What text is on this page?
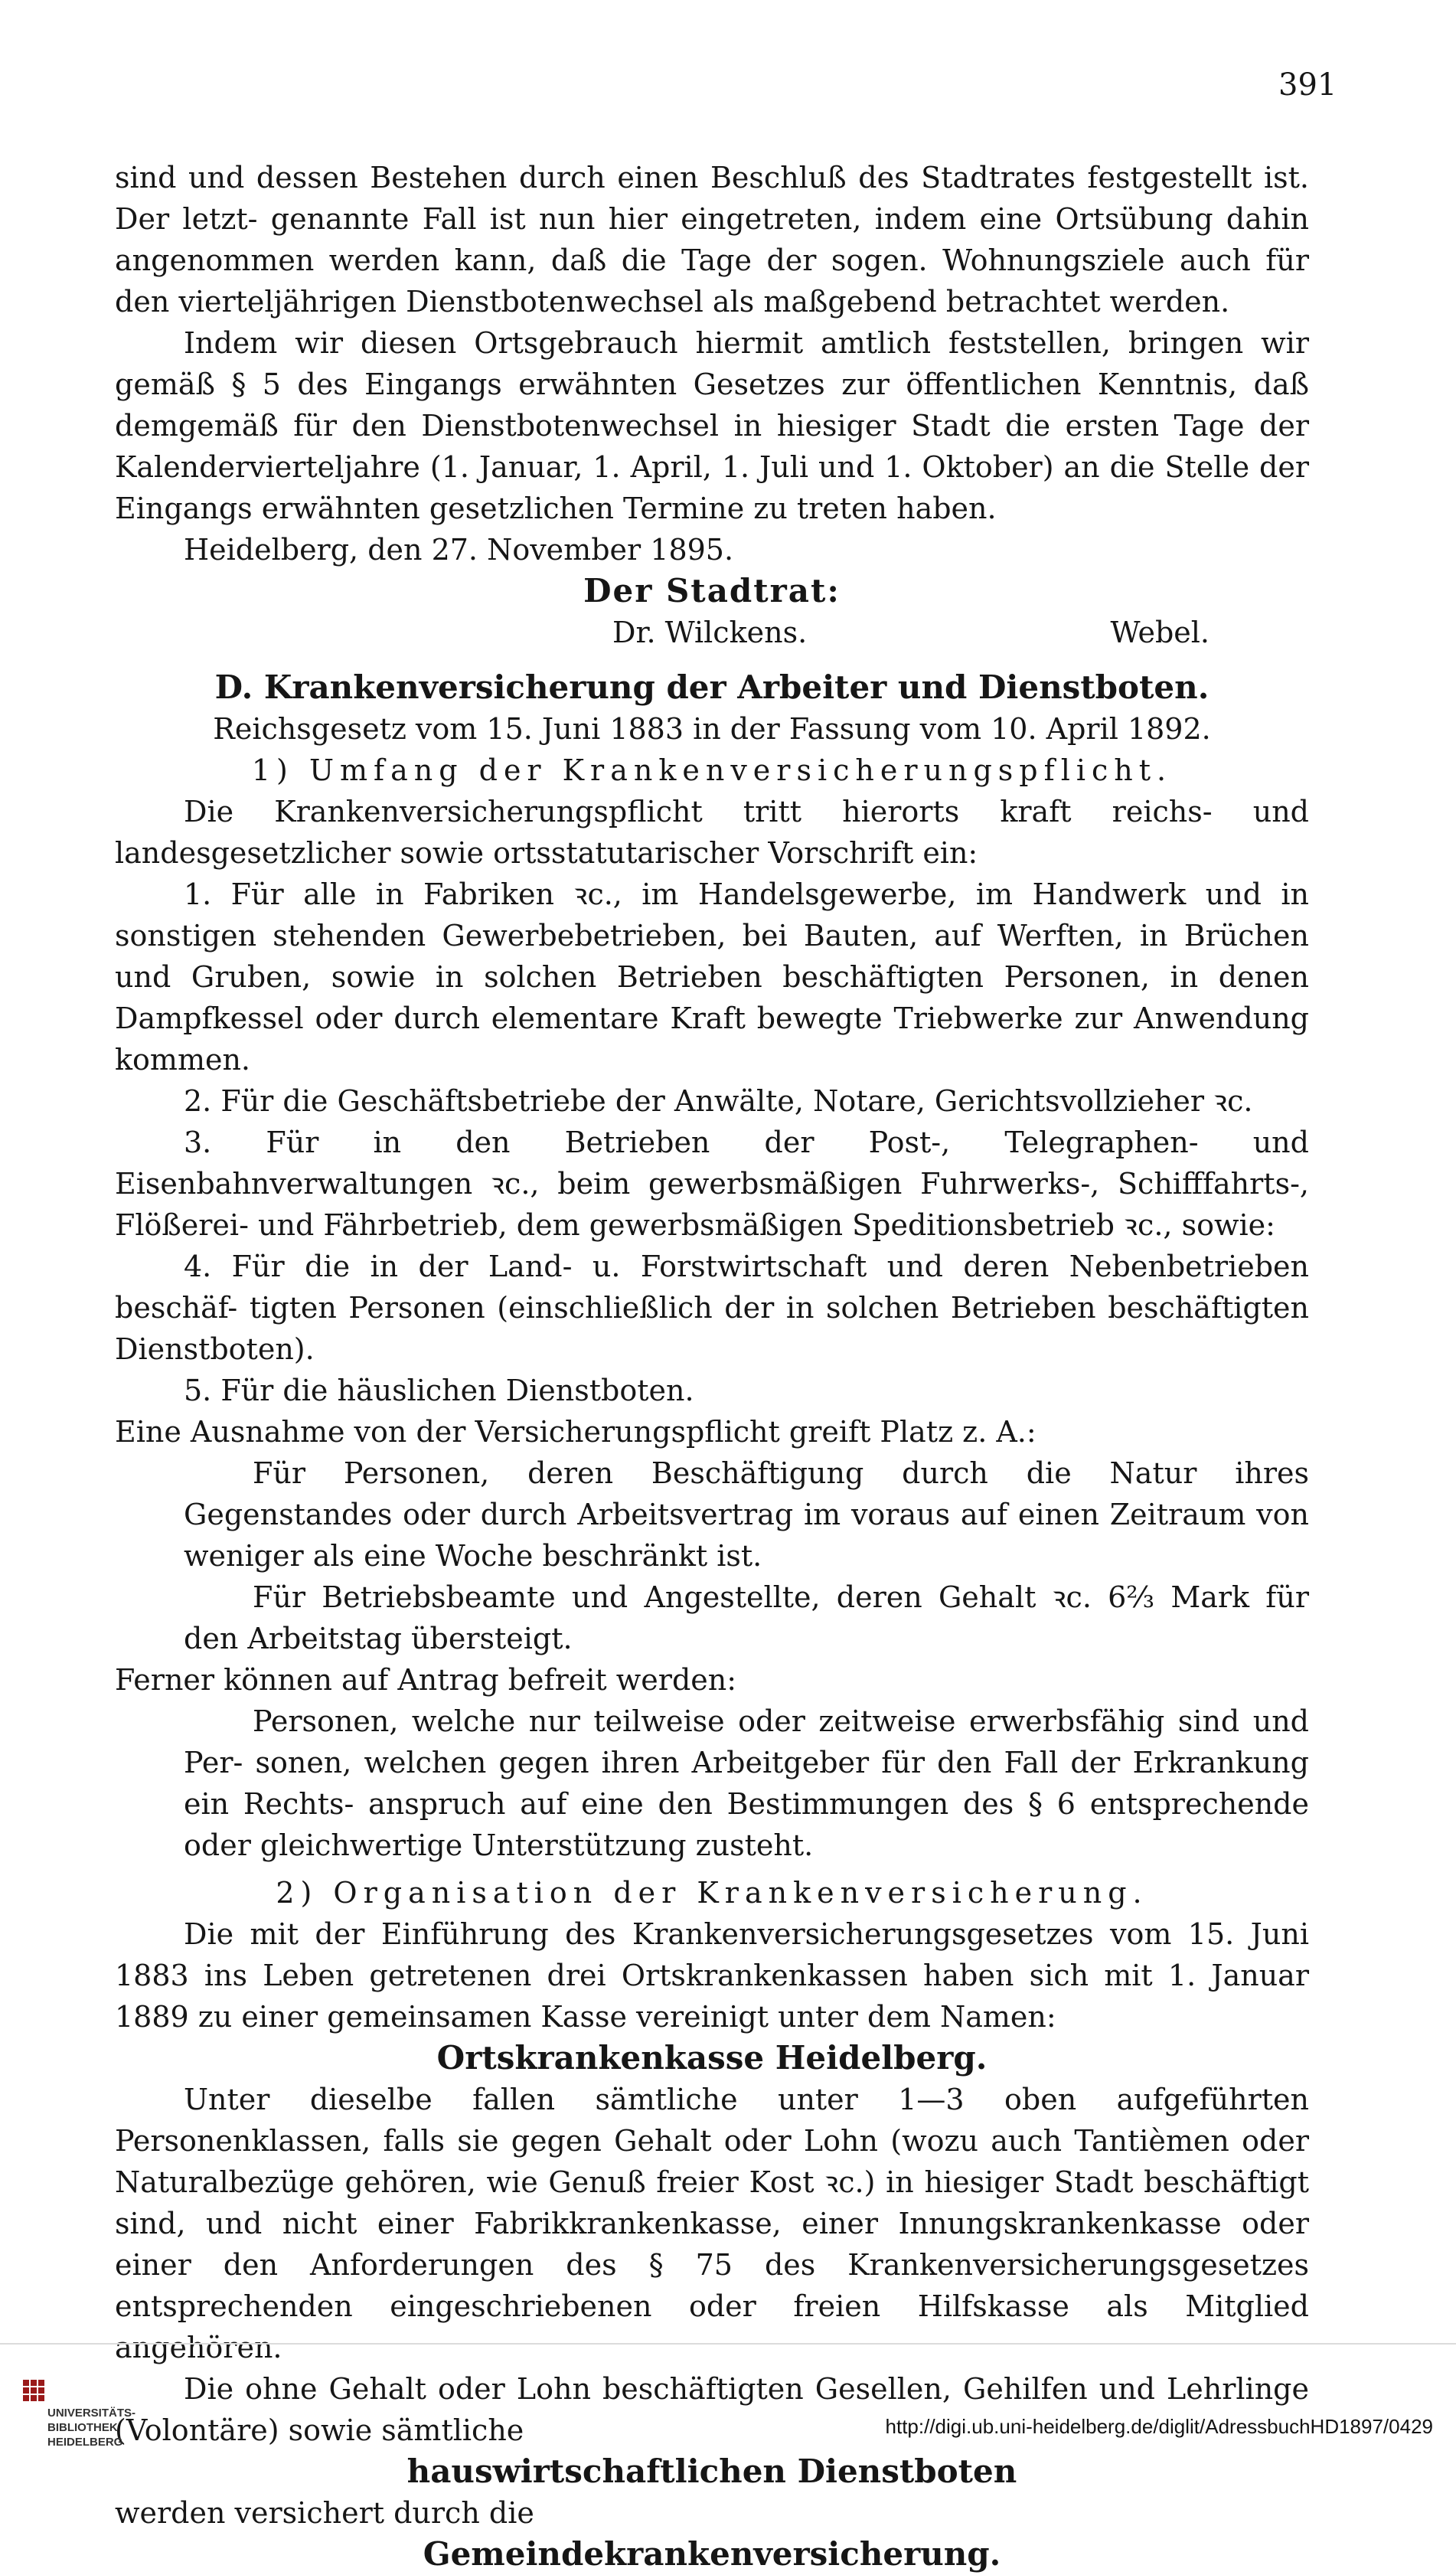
391

sind und dessen Bestehen durch einen Beschluß des Stadtrates festgestellt ist. Der letzt- genannte Fall ist nun hier eingetreten, indem eine Ortsübung dahin angenommen werden kann, daß die Tage der sogen. Wohnungsziele auch für den vierteljährigen Dienstbotenwechsel als maßgebend betrachtet werden.

Indem wir diesen Ortsgebrauch hiermit amtlich feststellen, bringen wir gemäß § 5 des Eingangs erwähnten Gesetzes zur öffentlichen Kenntnis, daß demgemäß für den Dienstbotenwechsel in hiesiger Stadt die ersten Tage der Kalendervierteljahre (1. Januar, 1. April, 1. Juli und 1. Oktober) an die Stelle der Eingangs erwähnten gesetzlichen Termine zu treten haben.

Heidelberg, den 27. November 1895.

Der Stadtrat:

Dr. Wilckens.	Webel.

D. Krankenversicherung der Arbeiter und Dienstboten.

Reichsgesetz vom 15. Juni 1883 in der Fassung vom 10. April 1892.

1) Umfang der Krankenversicherungspflicht.

Die Krankenversicherungspflicht tritt hierorts kraft reichs- und landesgesetzlicher sowie ortsstatutarischer Vorschrift ein:

1. Für alle in Fabriken ꝛc., im Handelsgewerbe, im Handwerk und in sonstigen stehenden Gewerbebetrieben, bei Bauten, auf Werften, in Brüchen und Gruben, sowie in solchen Betrieben beschäftigten Personen, in denen Dampfkessel oder durch elementare Kraft bewegte Triebwerke zur Anwendung kommen.

2. Für die Geschäftsbetriebe der Anwälte, Notare, Gerichtsvollzieher ꝛc.

3. Für in den Betrieben der Post-, Telegraphen- und Eisenbahnverwaltungen ꝛc., beim gewerbsmäßigen Fuhrwerks-, Schifffahrts-, Flößerei- und Fährbetrieb, dem gewerbsmäßigen Speditionsbetrieb ꝛc., sowie:

4. Für die in der Land- u. Forstwirtschaft und deren Nebenbetrieben beschäf- tigten Personen (einschließlich der in solchen Betrieben beschäftigten Dienstboten).

5. Für die häuslichen Dienstboten.

Eine Ausnahme von der Versicherungspflicht greift Platz z. A.:

Für Personen, deren Beschäftigung durch die Natur ihres Gegenstandes oder durch Arbeitsvertrag im voraus auf einen Zeitraum von weniger als eine Woche beschränkt ist.

Für Betriebsbeamte und Angestellte, deren Gehalt ꝛc. 6⅔ Mark für den Arbeitstag übersteigt.

Ferner können auf Antrag befreit werden:

Personen, welche nur teilweise oder zeitweise erwerbsfähig sind und Per- sonen, welchen gegen ihren Arbeitgeber für den Fall der Erkrankung ein Rechts- anspruch auf eine den Bestimmungen des § 6 entsprechende oder gleichwertige Unterstützung zusteht.

2) Organisation der Krankenversicherung.

Die mit der Einführung des Krankenversicherungsgesetzes vom 15. Juni 1883 ins Leben getretenen drei Ortskrankenkassen haben sich mit 1. Januar 1889 zu einer gemeinsamen Kasse vereinigt unter dem Namen:

Ortskrankenkasse Heidelberg.

Unter dieselbe fallen sämtliche unter 1—3 oben aufgeführten Personenklassen, falls sie gegen Gehalt oder Lohn (wozu auch Tantièmen oder Naturalbezüge gehören, wie Genuß freier Kost ꝛc.) in hiesiger Stadt beschäftigt sind, und nicht einer Fabrikkrankenkasse, einer Innungskrankenkasse oder einer den Anforderungen des § 75 des Krankenversicherungsgesetzes entsprechenden eingeschriebenen oder freien Hilfskasse als Mitglied angehören.

Die ohne Gehalt oder Lohn beschäftigten Gesellen, Gehilfen und Lehrlinge (Volontäre) sowie sämtliche

hauswirtschaftlichen Dienstboten

werden versichert durch die

Gemeindekrankenversicherung.

UNIVERSITÄTS-
BIBLIOTHEK
HEIDELBERG
http://digi.ub.uni-heidelberg.de/diglit/AdressbuchHD1897/0429
